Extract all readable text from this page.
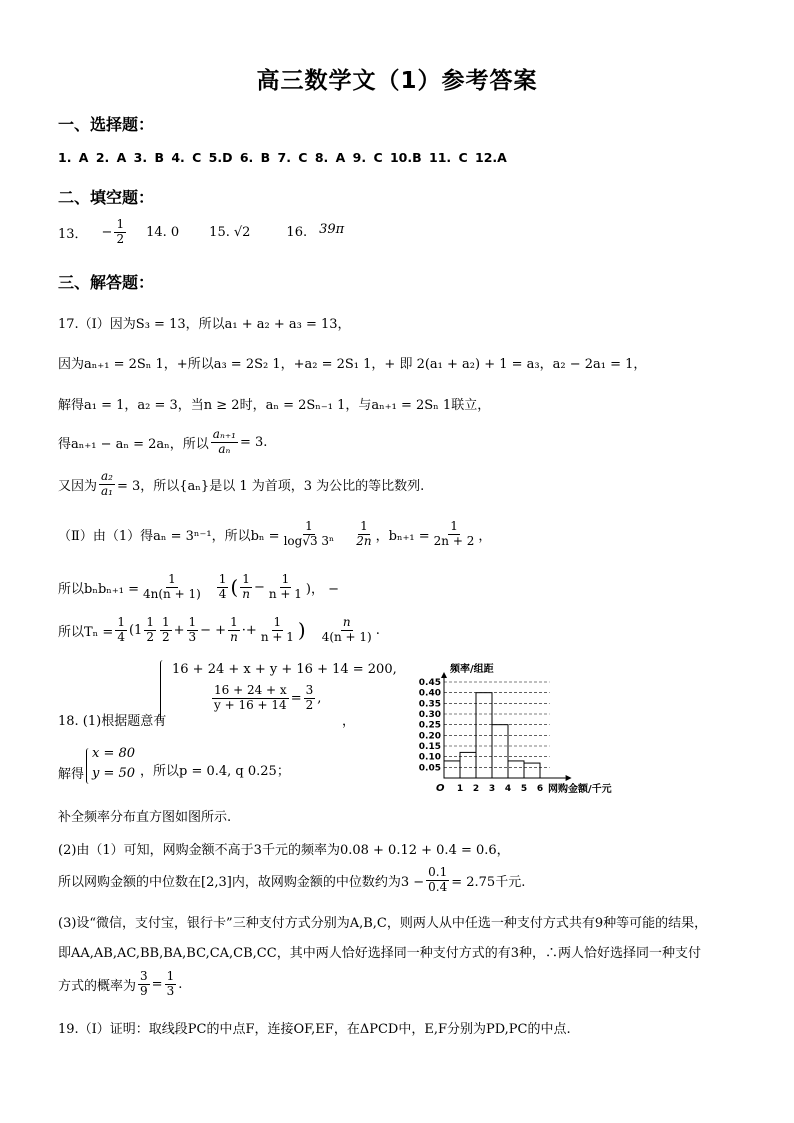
高三数学文（1）参考答案
一、选择题：
1. A 2. A 3. B 4. C 5.D 6. B 7. C 8. A 9. C 10.B 11. C 12.A
二、填空题：
13． − $\frac{1}{2} 14$. 0 15. √2	16. 39π
三、解答题：
17.（Ⅰ）因为S₃ = 13，所以a₁ + a₂ + a₃ = 13，
因为aₙ₊₁ = 2Sₙ 1，+所以a₃ = 2S₂ 1，+a₂ = 2S₁ 1，+ 即 2(a₁ + a₂) + 1 = a₃，a₂ − 2a₁ = 1，
解得a₁ = 1，a₂ = 3，当n ≥ 2时，aₙ = 2Sₙ₋₁ 1，与aₙ₊₁ = 2Sₙ 1联立，
得aₙ₊₁ − aₙ = 2aₙ，所以 $\frac{\text{aₙ₊₁}}{\text{aₙ}} = 3$.
又因为 $\frac{\text{a₂}}{\text{a₁}} = 3$，所以{aₙ}是以 1 为首项，3 为公比的等比数列.
（Ⅱ）由（1）得aₙ = 3ⁿ⁻¹，所以$b_n = \frac{1}{\text{log√3 3ⁿ}} \frac{1}{2n}$ ，$b_{n+1} = \frac{1}{2n + 2}$ ，
所以$b_nb_{n+1} = \frac{1}{4n(n + 1)} \frac{1}{4}$ ( $\frac{1}{n} - \frac{1}{n + 1}$ )， −
所以$T_n = \frac{1}{4} (1 \frac{1}{2} \frac{1}{2} + \frac{1}{3}$ − + $\frac{1}{n} \cdot+ \frac{1}{n + 1}$ ) $\frac{n}{4(n + 1)}$ .
16 + 24 + x + y + 16 + 14 = 200,
$\frac{16 + 24 + x}{y + 16 + 14} = \frac{3}{2}$ ,
18. (1)根据题意有	，
解得
x = 80
y = 50 ，所以p = 0.4, q 0.25；
补全频率分布直方图如图所示.
(2)由（1）可知，网购金额不高于3千元的频率为0.08 + 0.12 + 0.4 = 0.6，
所以网购金额的中位数在[2,3]内，故网购金额的中位数约为$3 - \frac{0.1}{0.4} = 2.75$千元.
(3)设“微信，支付宝，银行卡”三种支付方式分别为A,B,C，则两人从中任选一种支付方式共有9种等可能的结果，
即AA,AB,AC,BB,BA,BC,CA,CB,CC，其中两人恰好选择同一种支付方式的有3种，∴两人恰好选择同一种支付
方式的概率为 $\frac{3}{9} = \frac{1}{3}$ .
19.（Ⅰ）证明：取线段PC的中点F，连接OF,EF，在ΔPCD中，E,F分别为PD,PC的中点.
0.05
0.10
0.15
0.20
0.25
0.30
0.35
0.40
0.45
频率/组距
O 1 2 3 4 5 6 网购金额/千元
